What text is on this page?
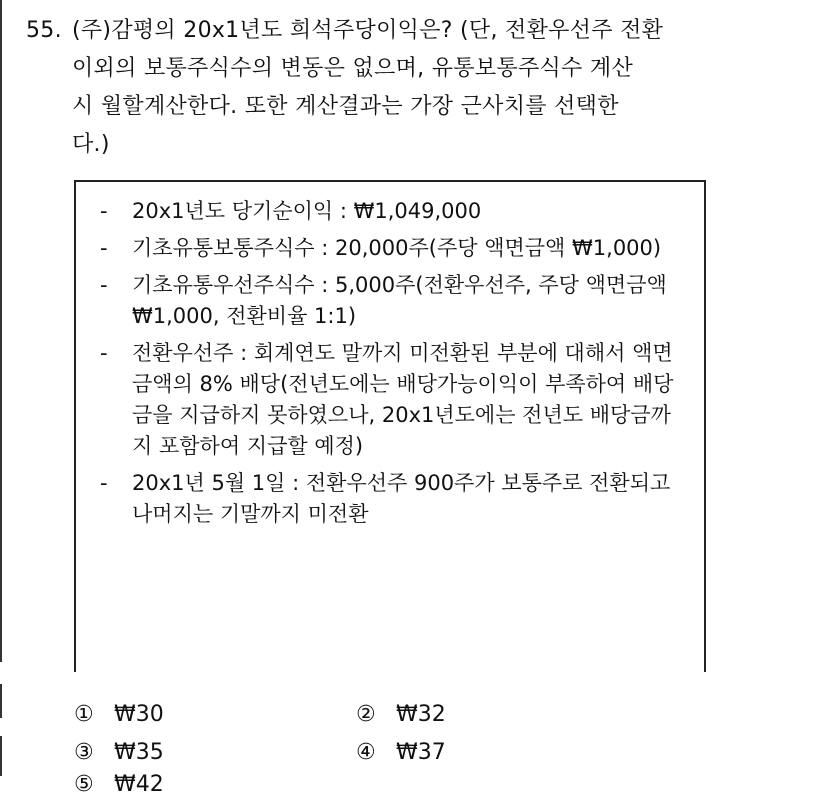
55. (주)감평의 20x1년도 희석주당이익은? (단, 전환우선주 전환
이외의 보통주식수의 변동은 없으며, 유통보통주식수 계산
시 월할계산한다. 또한 계산결과는 가장 근사치를 선택한
다.)
- 20x1년도 당기순이익 : ₩1,049,000
- 기초유통보통주식수 : 20,000주(주당 액면금액 ₩1,000)
- 기초유통우선주식수 : 5,000주(전환우선주, 주당 액면금액 ₩1,000, 전환비율 1:1)
- 전환우선주 : 회계연도 말까지 미전환된 부분에 대해서 액면금액의 8% 배당(전년도에는 배당가능이익이 부족하여 배당금을 지급하지 못하였으나, 20x1년도에는 전년도 배당금까지 포함하여 지급할 예정)
- 20x1년 5월 1일 : 전환우선주 900주가 보통주로 전환되고 나머지는 기말까지 미전환
① ₩30	② ₩32
③ ₩35	④ ₩37
⑤ ₩42
